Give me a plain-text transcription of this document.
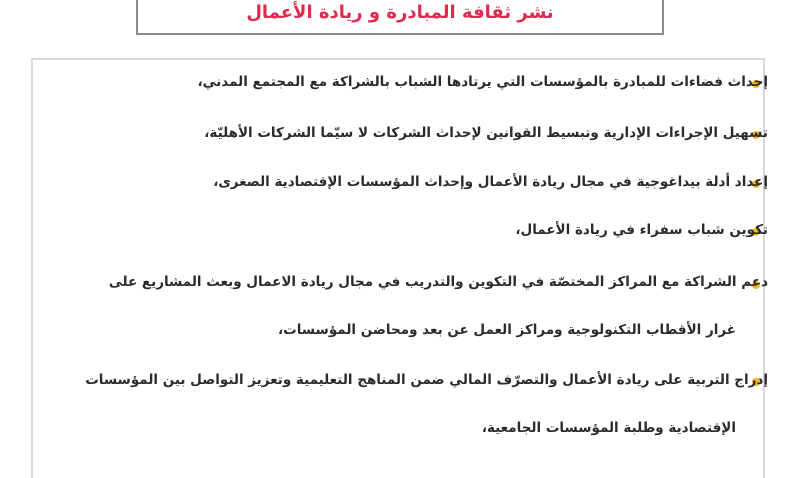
نشر ثقافة المبادرة و ريادة الأعمال
إحداث فضاءات للمبادرة بالمؤسسات التي يرتادها الشباب بالشراكة مع المجتمع المدني،
تسهيل الإجراءات الإدارية وتبسيط القوانين لإحداث الشركات لا سيّما الشركات الأهليّة،
إعداد أدلة بيداغوجية في مجال ريادة الأعمال وإحداث المؤسسات الإقتصادية الصغرى،
تكوين شباب سفراء في ريادة الأعمال،
دعم الشراكة مع المراكز المختصّة في التكوين والتدريب في مجال ريادة الاعمال وبعث المشاريع على
غرار الأقطاب التكنولوجية ومراكز العمل عن بعد ومحاضن المؤسسات،
إدراج التربية على ريادة الأعمال والتصرّف المالي ضمن المناهج التعليمية وتعزيز التواصل بين المؤسسات
الإقتصادية وطلبة المؤسسات الجامعية،
